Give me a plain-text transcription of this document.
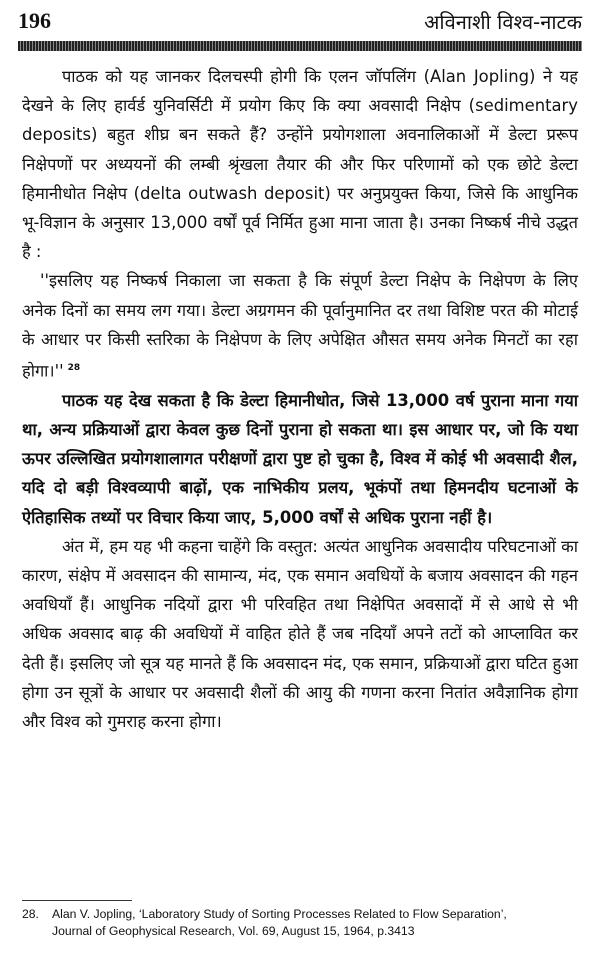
196	अविनाशी विश्व-नाटक

पाठक को यह जानकर दिलचस्पी होगी कि एलन जॉपलिंग (Alan Jopling) ने यह देखने के लिए हार्वर्ड युनिवर्सिटी में प्रयोग किए कि क्या अवसादी निक्षेप (sedimentary deposits) बहुत शीघ्र बन सकते हैं? उन्होंने प्रयोगशाला अवनालिकाओं में डेल्टा प्ररूप निक्षेपणों पर अध्ययनों की लम्बी श्रृंखला तैयार की और फिर परिणामों को एक छोटे डेल्टा हिमानीधोत निक्षेप (delta outwash deposit) पर अनुप्रयुक्त किया, जिसे कि आधुनिक भू-विज्ञान के अनुसार 13,000 वर्षों पूर्व निर्मित हुआ माना जाता है। उनका निष्कर्ष नीचे उद्धत है :

''इसलिए यह निष्कर्ष निकाला जा सकता है कि संपूर्ण डेल्टा निक्षेप के निक्षेपण के लिए अनेक दिनों का समय लग गया। डेल्टा अग्रगमन की पूर्वानुमानित दर तथा विशिष्ट परत की मोटाई के आधार पर किसी स्तरिका के निक्षेपण के लिए अपेक्षित औसत समय अनेक मिनटों का रहा होगा।'' $^{28}$

पाठक यह देख सकता है कि डेल्टा हिमानीधोत, जिसे 13,000 वर्ष पुराना माना गया था, अन्य प्रक्रियाओं द्वारा केवल कुछ दिनों पुराना हो सकता था। इस आधार पर, जो कि यथा ऊपर उल्लिखित प्रयोगशालागत परीक्षणों द्वारा पुष्ट हो चुका है, विश्व में कोई भी अवसादी शैल, यदि दो बड़ी विश्वव्यापी बाढ़ों, एक नाभिकीय प्रलय, भूकंपों तथा हिमनदीय घटनाओं के ऐतिहासिक तथ्यों पर विचार किया जाए, 5,000 वर्षों से अधिक पुराना नहीं है।

अंत में, हम यह भी कहना चाहेंगे कि वस्तुत: अत्यंत आधुनिक अवसादीय परिघटनाओं का कारण, संक्षेप में अवसादन की सामान्य, मंद, एक समान अवधियों के बजाय अवसादन की गहन अवधियाँ हैं। आधुनिक नदियों द्वारा भी परिवहित तथा निक्षेपित अवसादों में से आधे से भी अधिक अवसाद बाढ़ की अवधियों में वाहित होते हैं जब नदियाँ अपने तटों को आप्लावित कर देती हैं। इसलिए जो सूत्र यह मानते हैं कि अवसादन मंद, एक समान, प्रक्रियाओं द्वारा घटित हुआ होगा उन सूत्रों के आधार पर अवसादी शैलों की आयु की गणना करना नितांत अवैज्ञानिक होगा और विश्व को गुमराह करना होगा।

28. Alan V. Jopling, ‘Laboratory Study of Sorting Processes Related to Flow Separation’,
Journal of Geophysical Research, Vol. 69, August 15, 1964, p.3413
